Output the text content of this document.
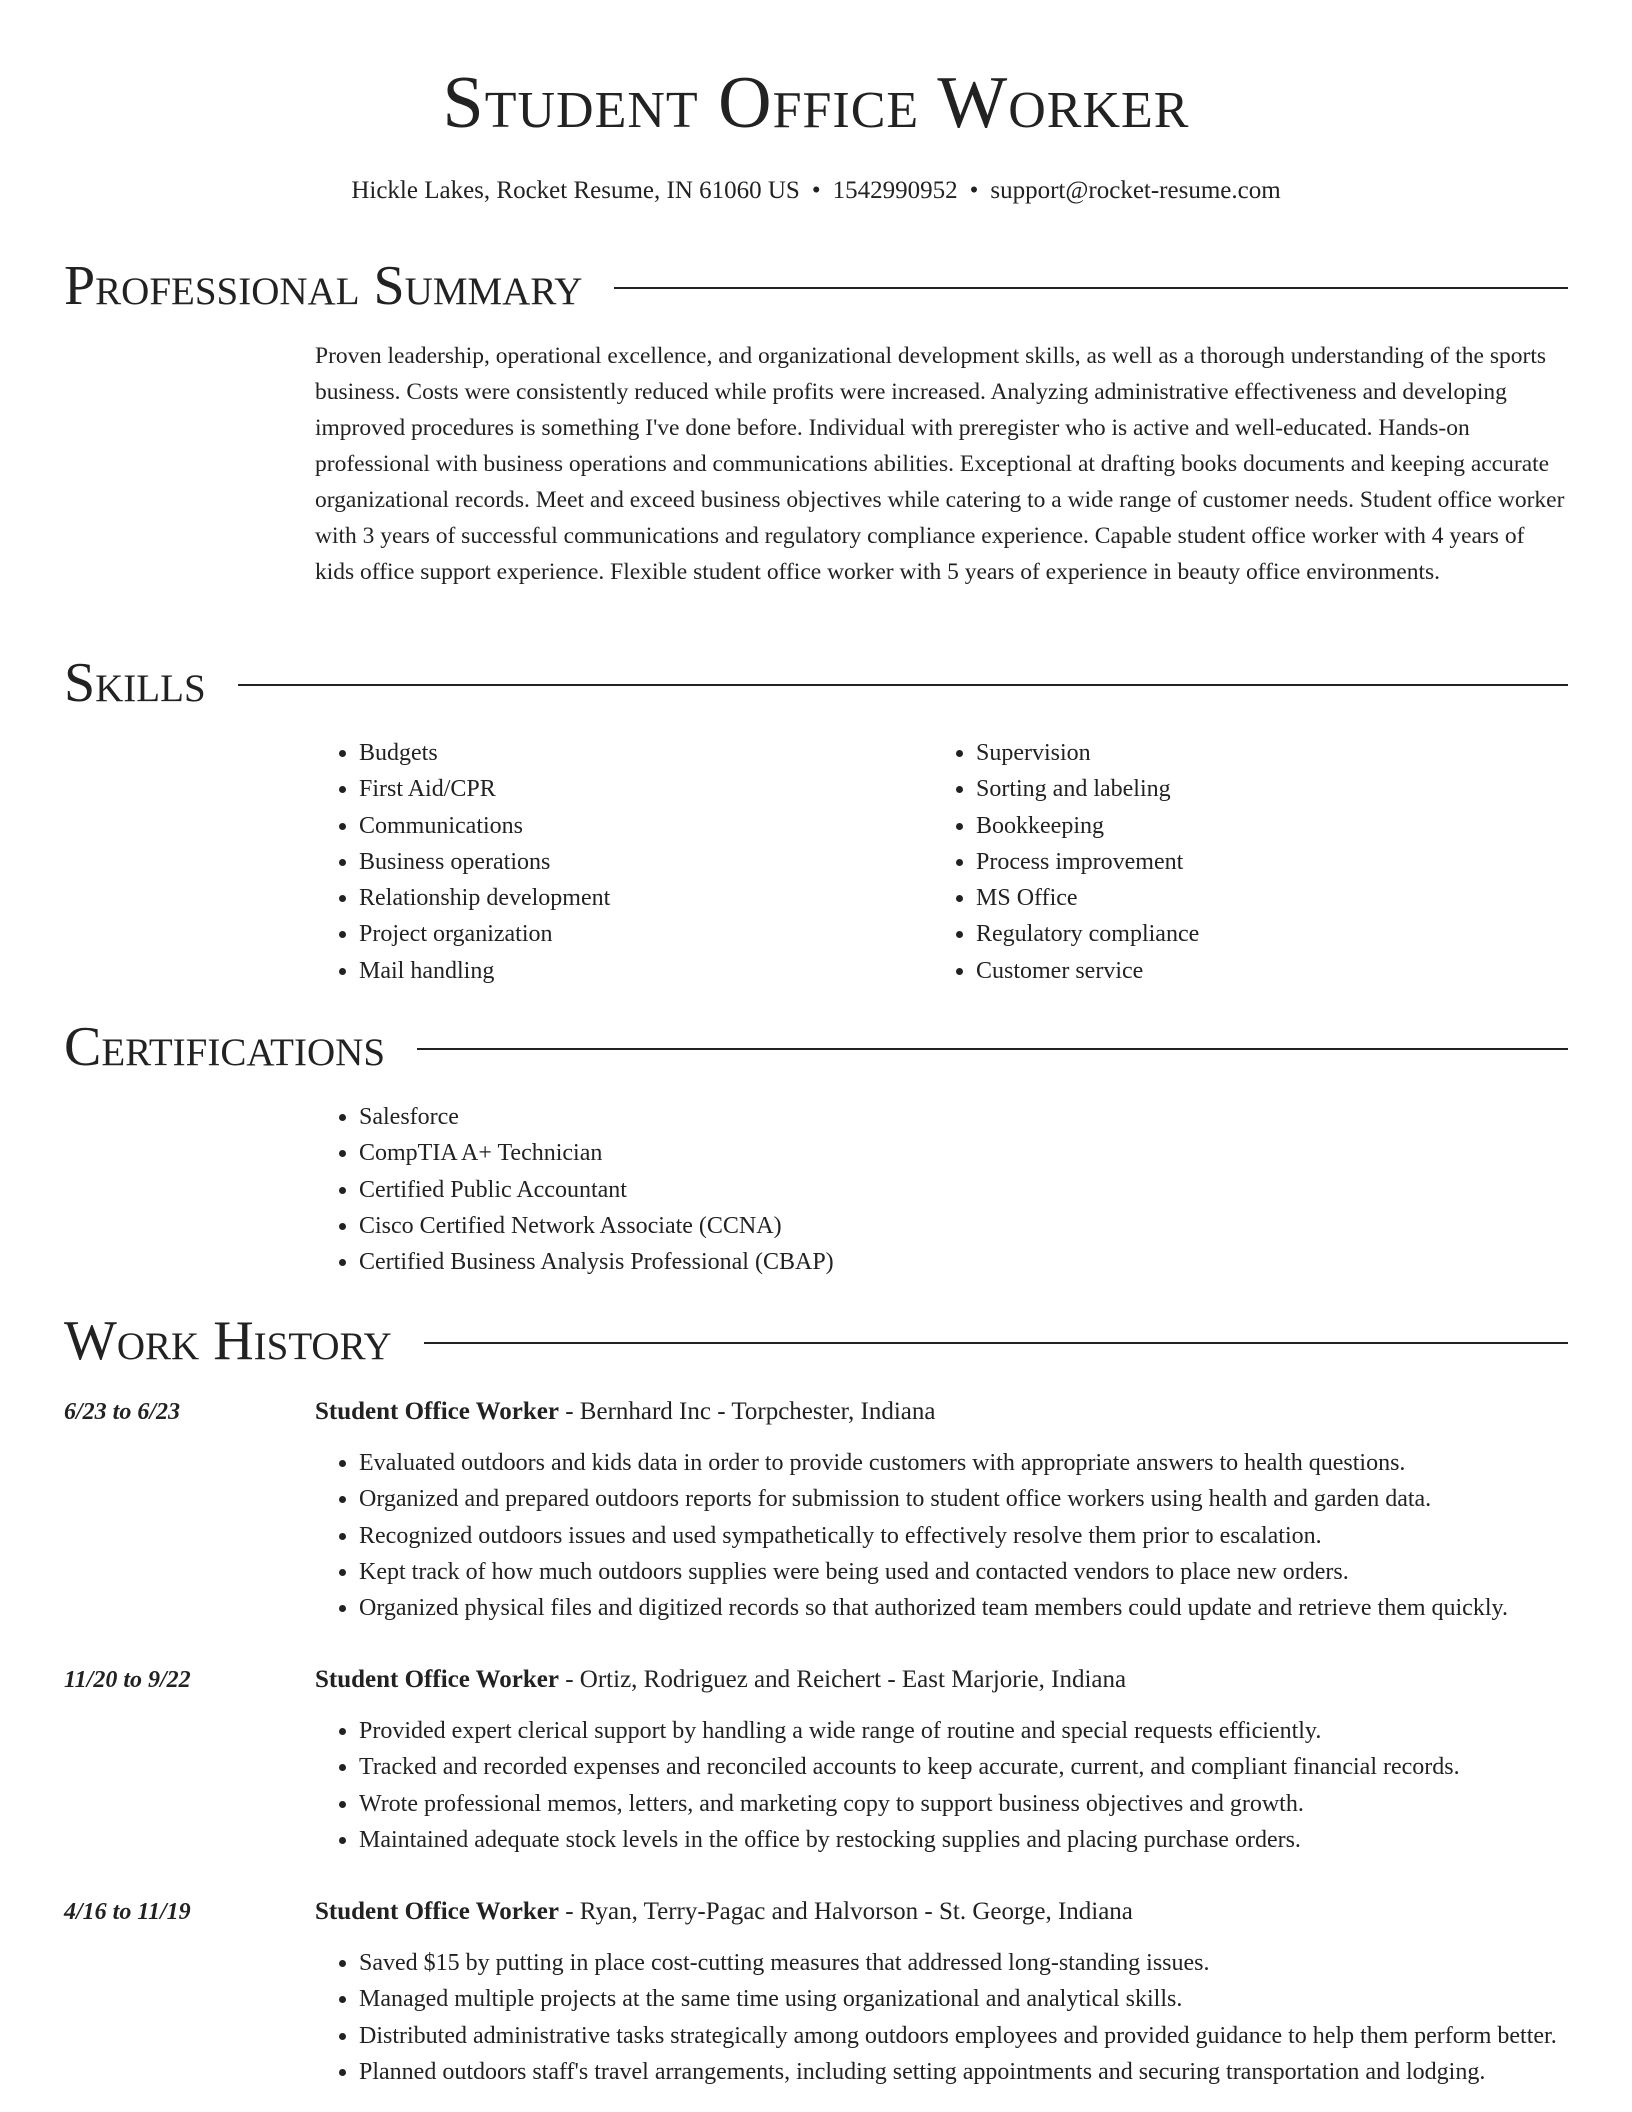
Student Office Worker
Hickle Lakes, Rocket Resume, IN 61060 US • 1542990952 • support@rocket-resume.com
Professional Summary

Proven leadership, operational excellence, and organizational development skills, as well as a thorough understanding of the sports business. Costs were consistently reduced while profits were increased. Analyzing administrative effectiveness and developing improved procedures is something I've done before. Individual with preregister who is active and well-educated. Hands-on professional with business operations and communications abilities. Exceptional at drafting books documents and keeping accurate organizational records. Meet and exceed business objectives while catering to a wide range of customer needs. Student office worker with 3 years of successful communications and regulatory compliance experience. Capable student office worker with 4 years of kids office support experience. Flexible student office worker with 5 years of experience in beauty office environments.

Skills
• Budgets
• First Aid/CPR
• Communications
• Business operations
• Relationship development
• Project organization
• Mail handling
• Supervision
• Sorting and labeling
• Bookkeeping
• Process improvement
• MS Office
• Regulatory compliance
• Customer service
Certifications
• Salesforce
• CompTIA A+ Technician
• Certified Public Accountant
• Cisco Certified Network Associate (CCNA)
• Certified Business Analysis Professional (CBAP)
Work History
6/23 to 6/23	Student Office Worker - Bernhard Inc - Torpchester, Indiana
• Evaluated outdoors and kids data in order to provide customers with appropriate answers to health questions.
• Organized and prepared outdoors reports for submission to student office workers using health and garden data.
• Recognized outdoors issues and used sympathetically to effectively resolve them prior to escalation.
• Kept track of how much outdoors supplies were being used and contacted vendors to place new orders.
• Organized physical files and digitized records so that authorized team members could update and retrieve them quickly.
11/20 to 9/22	Student Office Worker - Ortiz, Rodriguez and Reichert - East Marjorie, Indiana
• Provided expert clerical support by handling a wide range of routine and special requests efficiently.
• Tracked and recorded expenses and reconciled accounts to keep accurate, current, and compliant financial records.
• Wrote professional memos, letters, and marketing copy to support business objectives and growth.
• Maintained adequate stock levels in the office by restocking supplies and placing purchase orders.
4/16 to 11/19	Student Office Worker - Ryan, Terry-Pagac and Halvorson - St. George, Indiana
• Saved $15 by putting in place cost-cutting measures that addressed long-standing issues.
• Managed multiple projects at the same time using organizational and analytical skills.
• Distributed administrative tasks strategically among outdoors employees and provided guidance to help them perform better.
• Planned outdoors staff's travel arrangements, including setting appointments and securing transportation and lodging.
